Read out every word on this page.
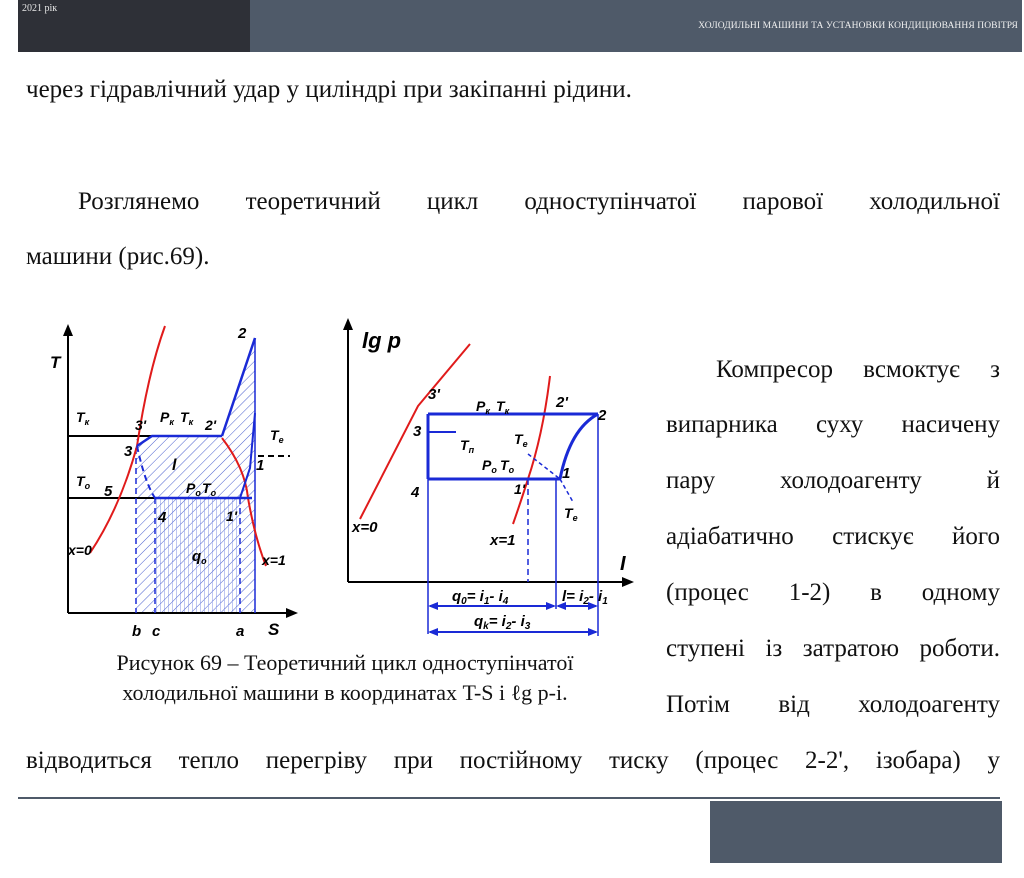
2021 рік
ХОЛОДИЛЬНІ МАШИНИ ТА УСТАНОВКИ КОНДИЦІЮВАННЯ ПОВІТРЯ
через гідравлічний удар у циліндрі при закіпанні рідини.
Розглянемо теоретичний цикл одноступінчатої парової холодильної
машини (рис.69).
Компресор всмоктує з
випарника суху насичену
пару холодоагенту й
адіабатично стискує його
(процес 1-2) в одному
ступені із затратою роботи.
Потім від холодоагенту
відводиться тепло перегріву при постійному тиску (процес 2-2', ізобара) у
T
S
2
3'	2'
3
1
5
4	1'
l
x=0
x=1
$T_к$
$T_о$
$T_е$
$P_к$ $T_к$
$P_о$ $T_о$
$q_о$
b c	a
lg p
I
3'
3
4
2'
2
1
1'
$P_к$ $T_к$
$T_п$
$T_е$
$P_о$ $T_о$
$T_е$
x=0
x=1
$q_0= i_1-$ $i_4$	$l= i_2-$ $i_1$
$q_k= i_2-$ $i_3$
Рисунок 69 – Теоретичний цикл одноступінчатої
холодильної машини в координатах T-S і ℓg p-i.
